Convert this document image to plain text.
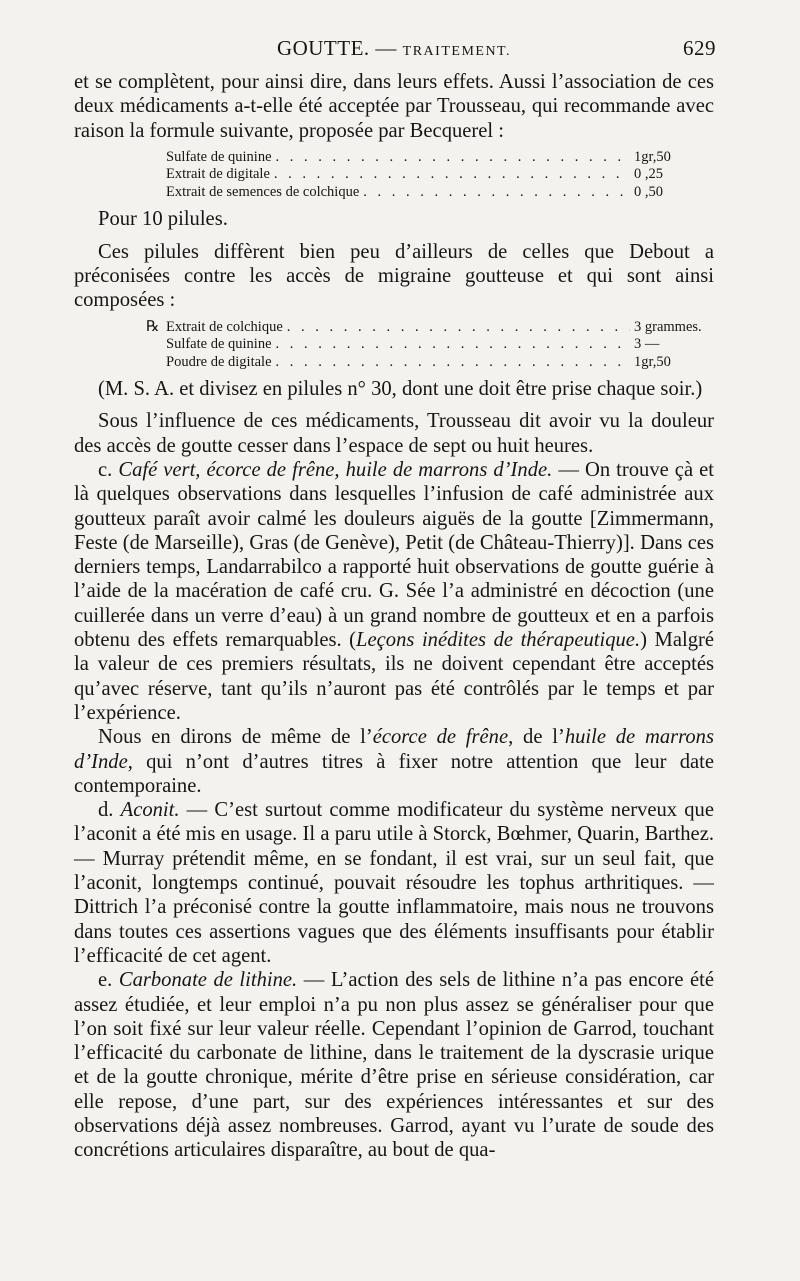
GOUTTE. — TRAITEMENT.	629

et se complètent, pour ainsi dire, dans leurs effets. Aussi l’association de ces deux médicaments a-t-elle été acceptée par Trousseau, qui recommande avec raison la formule suivante, proposée par Becquerel :

Sulfate de quinine . . .	1gr,50
Extrait de digitale . . .	0 ,25
Extrait de semences de colchique . . .	0 ,50

Pour 10 pilules.

Ces pilules diffèrent bien peu d’ailleurs de celles que Debout a préconisées contre les accès de migraine goutteuse et qui sont ainsi composées :

℞ Extrait de colchique . . .	3 grammes.
Sulfate de quinine . . .	3 —
Poudre de digitale . . .	1gr,50

(M. S. A. et divisez en pilules n° 30, dont une doit être prise chaque soir.)

Sous l’influence de ces médicaments, Trousseau dit avoir vu la douleur des accès de goutte cesser dans l’espace de sept ou huit heures.

c. Café vert, écorce de frêne, huile de marrons d’Inde. — On trouve çà et là quelques observations dans lesquelles l’infusion de café administrée aux goutteux paraît avoir calmé les douleurs aiguës de la goutte [Zimmermann, Feste (de Marseille), Gras (de Genève), Petit (de Château-Thierry)]. Dans ces derniers temps, Landarrabilco a rapporté huit observations de goutte guérie à l’aide de la macération de café cru. G. Sée l’a administré en décoction (une cuillerée dans un verre d’eau) à un grand nombre de goutteux et en a parfois obtenu des effets remarquables. (Leçons inédites de thérapeutique.) Malgré la valeur de ces premiers résultats, ils ne doivent cependant être acceptés qu’avec réserve, tant qu’ils n’auront pas été contrôlés par le temps et par l’expérience.

Nous en dirons de même de l’écorce de frêne, de l’huile de marrons d’Inde, qui n’ont d’autres titres à fixer notre attention que leur date contemporaine.

d. Aconit. — C’est surtout comme modificateur du système nerveux que l’aconit a été mis en usage. Il a paru utile à Storck, Bœhmer, Quarin, Barthez. — Murray prétendit même, en se fondant, il est vrai, sur un seul fait, que l’aconit, longtemps continué, pouvait résoudre les tophus arthritiques. — Dittrich l’a préconisé contre la goutte inflammatoire, mais nous ne trouvons dans toutes ces assertions vagues que des éléments insuffisants pour établir l’efficacité de cet agent.

e. Carbonate de lithine. — L’action des sels de lithine n’a pas encore été assez étudiée, et leur emploi n’a pu non plus assez se généraliser pour que l’on soit fixé sur leur valeur réelle. Cependant l’opinion de Garrod, touchant l’efficacité du carbonate de lithine, dans le traitement de la dyscrasie urique et de la goutte chronique, mérite d’être prise en sérieuse considération, car elle repose, d’une part, sur des expériences intéressantes et sur des observations déjà assez nombreuses. Garrod, ayant vu l’urate de soude des concrétions articulaires disparaître, au bout de qua-
